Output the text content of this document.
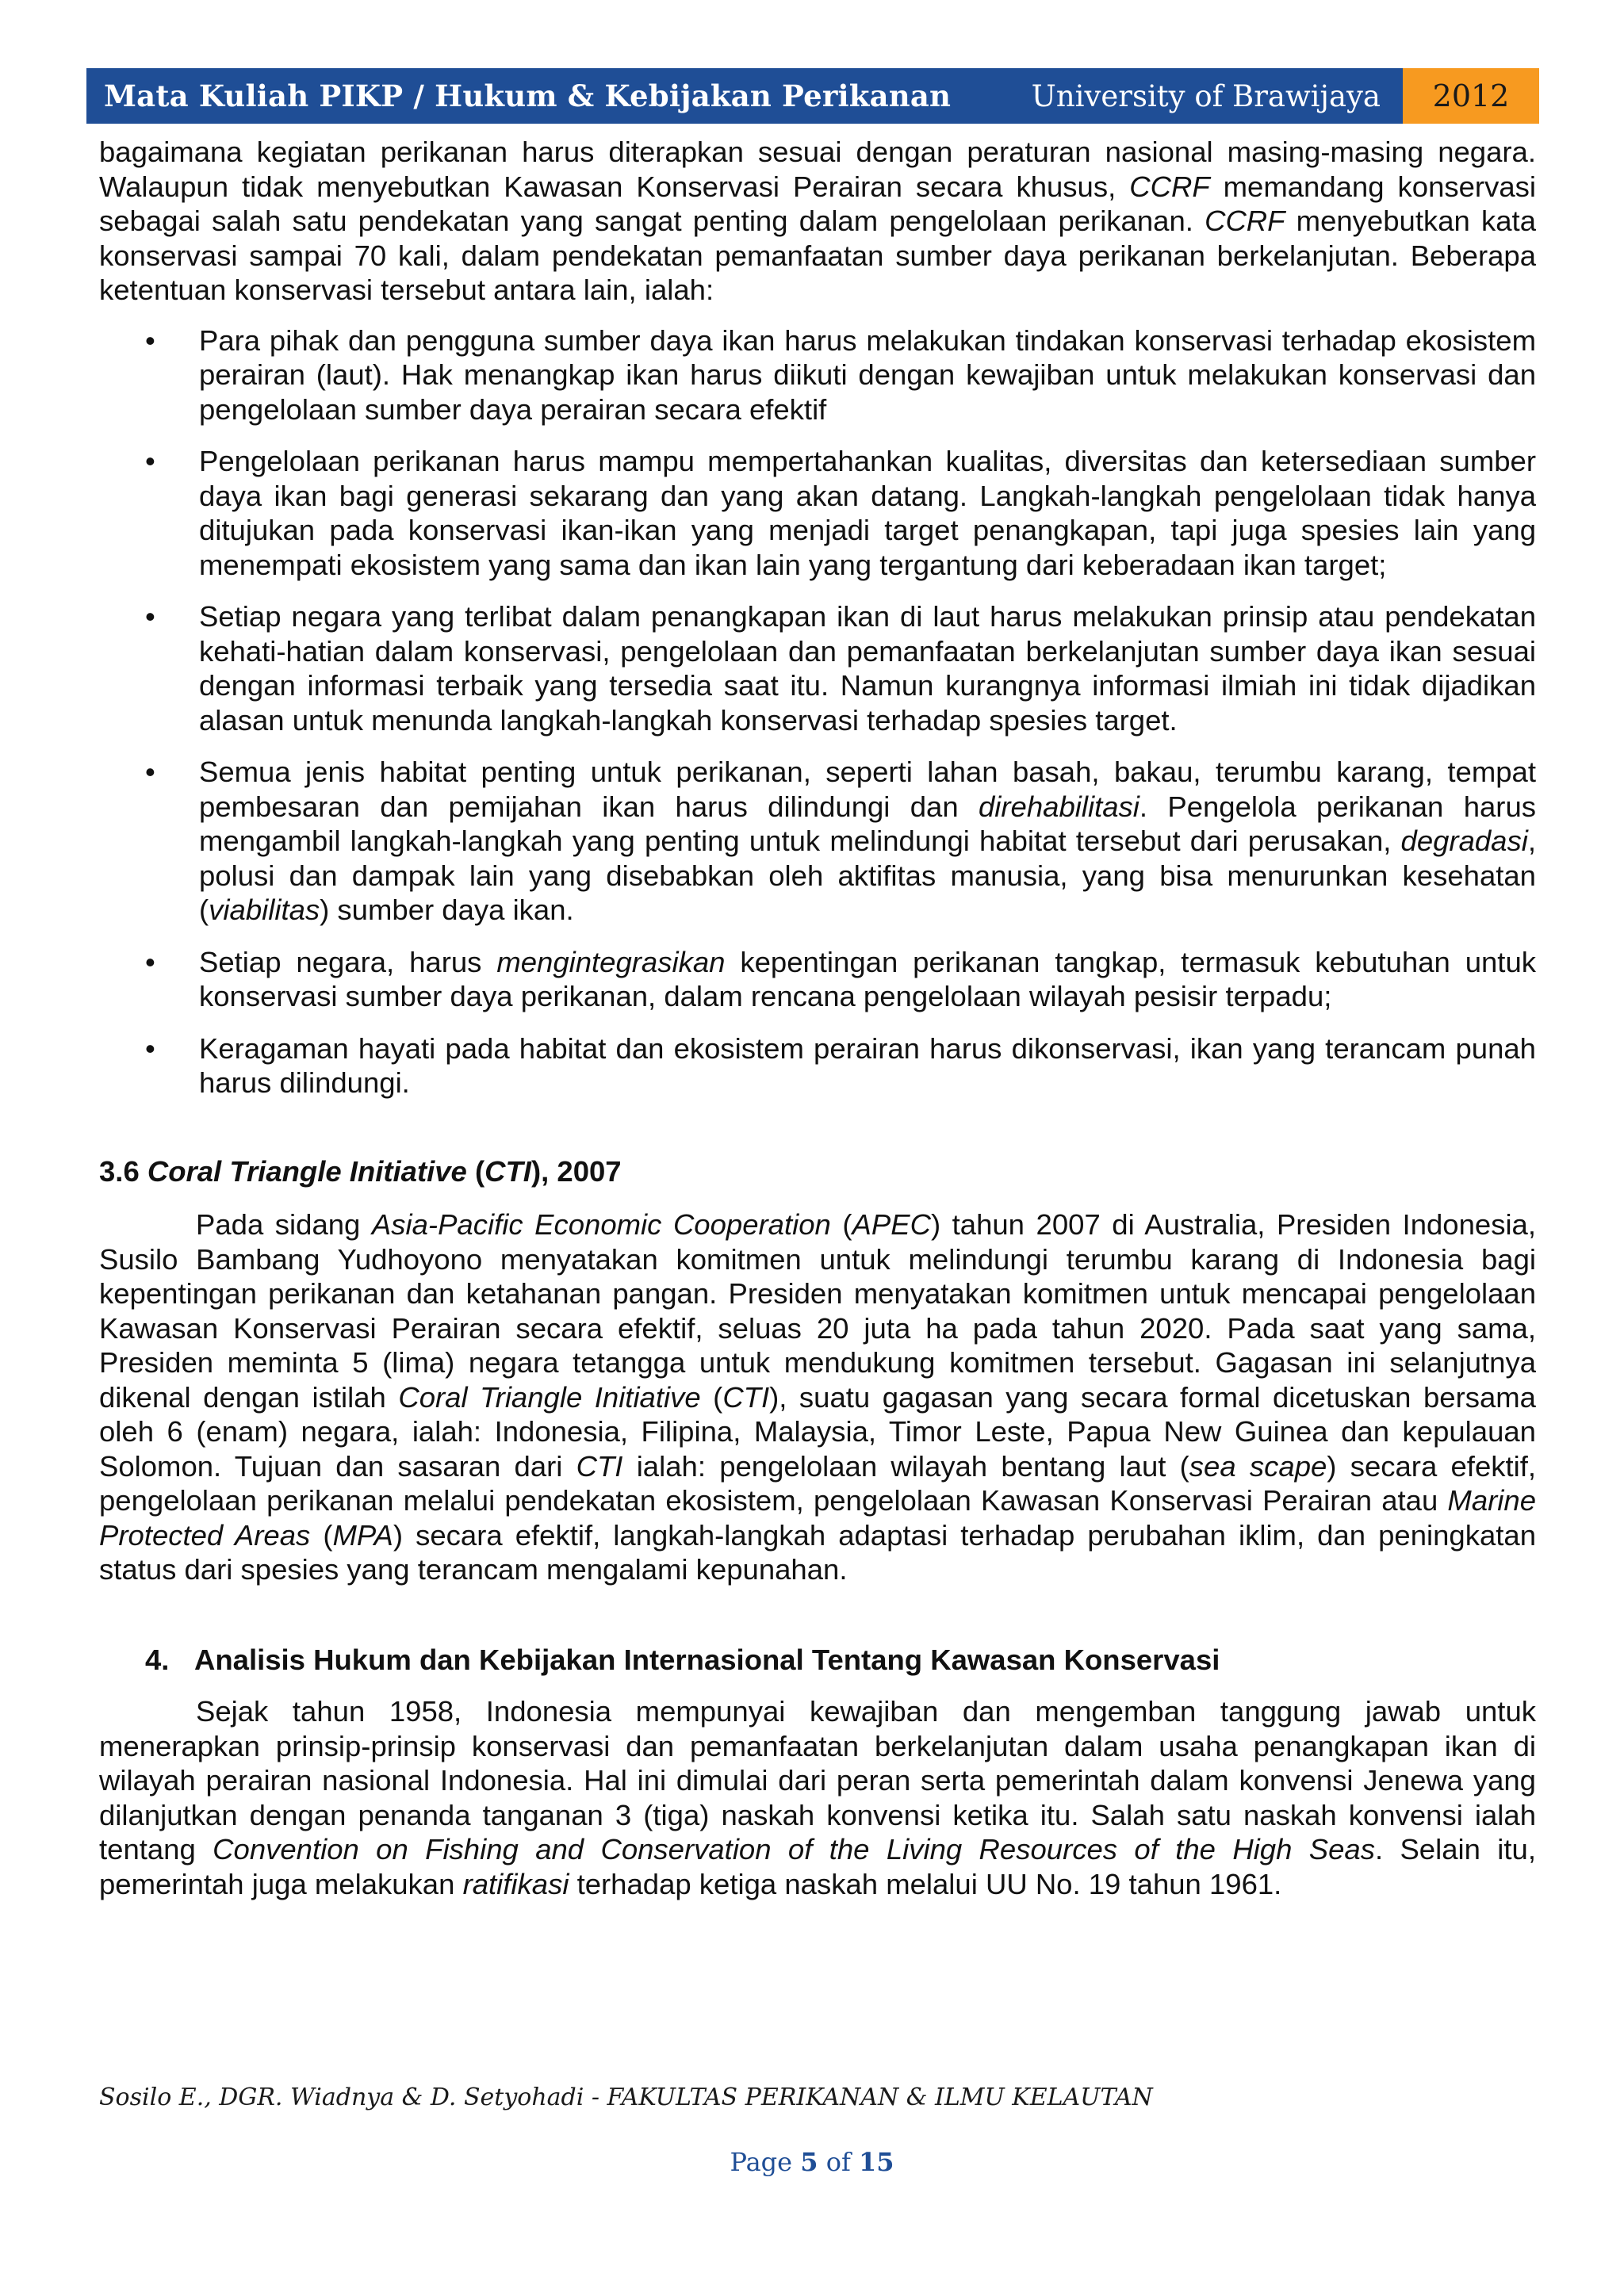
Mata Kuliah PIKP / Hukum & Kebijakan Perikanan	University of Brawijaya	2012

bagaimana kegiatan perikanan harus diterapkan sesuai dengan peraturan nasional masing-masing negara. Walaupun tidak menyebutkan Kawasan Konservasi Perairan secara khusus, CCRF memandang konservasi sebagai salah satu pendekatan yang sangat penting dalam pengelolaan perikanan. CCRF menyebutkan kata konservasi sampai 70 kali, dalam pendekatan pemanfaatan sumber daya perikanan berkelanjutan. Beberapa ketentuan konservasi tersebut antara lain, ialah:

• Para pihak dan pengguna sumber daya ikan harus melakukan tindakan konservasi terhadap ekosistem perairan (laut). Hak menangkap ikan harus diikuti dengan kewajiban untuk melakukan konservasi dan pengelolaan sumber daya perairan secara efektif
• Pengelolaan perikanan harus mampu mempertahankan kualitas, diversitas dan ketersediaan sumber daya ikan bagi generasi sekarang dan yang akan datang. Langkah-langkah pengelolaan tidak hanya ditujukan pada konservasi ikan-ikan yang menjadi target penangkapan, tapi juga spesies lain yang menempati ekosistem yang sama dan ikan lain yang tergantung dari keberadaan ikan target;
• Setiap negara yang terlibat dalam penangkapan ikan di laut harus melakukan prinsip atau pendekatan kehati-hatian dalam konservasi, pengelolaan dan pemanfaatan berkelanjutan sumber daya ikan sesuai dengan informasi terbaik yang tersedia saat itu. Namun kurangnya informasi ilmiah ini tidak dijadikan alasan untuk menunda langkah-langkah konservasi terhadap spesies target.
• Semua jenis habitat penting untuk perikanan, seperti lahan basah, bakau, terumbu karang, tempat pembesaran dan pemijahan ikan harus dilindungi dan direhabilitasi. Pengelola perikanan harus mengambil langkah-langkah yang penting untuk melindungi habitat tersebut dari perusakan, degradasi, polusi dan dampak lain yang disebabkan oleh aktifitas manusia, yang bisa menurunkan kesehatan (viabilitas) sumber daya ikan.
• Setiap negara, harus mengintegrasikan kepentingan perikanan tangkap, termasuk kebutuhan untuk konservasi sumber daya perikanan, dalam rencana pengelolaan wilayah pesisir terpadu;
• Keragaman hayati pada habitat dan ekosistem perairan harus dikonservasi, ikan yang terancam punah harus dilindungi.
3.6 Coral Triangle Initiative (CTI), 2007

Pada sidang Asia-Pacific Economic Cooperation (APEC) tahun 2007 di Australia, Presiden Indonesia, Susilo Bambang Yudhoyono menyatakan komitmen untuk melindungi terumbu karang di Indonesia bagi kepentingan perikanan dan ketahanan pangan. Presiden menyatakan komitmen untuk mencapai pengelolaan Kawasan Konservasi Perairan secara efektif, seluas 20 juta ha pada tahun 2020. Pada saat yang sama, Presiden meminta 5 (lima) negara tetangga untuk mendukung komitmen tersebut. Gagasan ini selanjutnya dikenal dengan istilah Coral Triangle Initiative (CTI), suatu gagasan yang secara formal dicetuskan bersama oleh 6 (enam) negara, ialah: Indonesia, Filipina, Malaysia, Timor Leste, Papua New Guinea dan kepulauan Solomon. Tujuan dan sasaran dari CTI ialah: pengelolaan wilayah bentang laut (sea scape) secara efektif, pengelolaan perikanan melalui pendekatan ekosistem, pengelolaan Kawasan Konservasi Perairan atau Marine Protected Areas (MPA) secara efektif, langkah-langkah adaptasi terhadap perubahan iklim, dan peningkatan status dari spesies yang terancam mengalami kepunahan.

4. Analisis Hukum dan Kebijakan Internasional Tentang Kawasan Konservasi

Sejak tahun 1958, Indonesia mempunyai kewajiban dan mengemban tanggung jawab untuk menerapkan prinsip-prinsip konservasi dan pemanfaatan berkelanjutan dalam usaha penangkapan ikan di wilayah perairan nasional Indonesia. Hal ini dimulai dari peran serta pemerintah dalam konvensi Jenewa yang dilanjutkan dengan penanda tanganan 3 (tiga) naskah konvensi ketika itu. Salah satu naskah konvensi ialah tentang Convention on Fishing and Conservation of the Living Resources of the High Seas. Selain itu, pemerintah juga melakukan ratifikasi terhadap ketiga naskah melalui UU No. 19 tahun 1961.

Sosilo E., DGR. Wiadnya & D. Setyohadi - FAKULTAS PERIKANAN & ILMU KELAUTAN
Page 5 of 15
